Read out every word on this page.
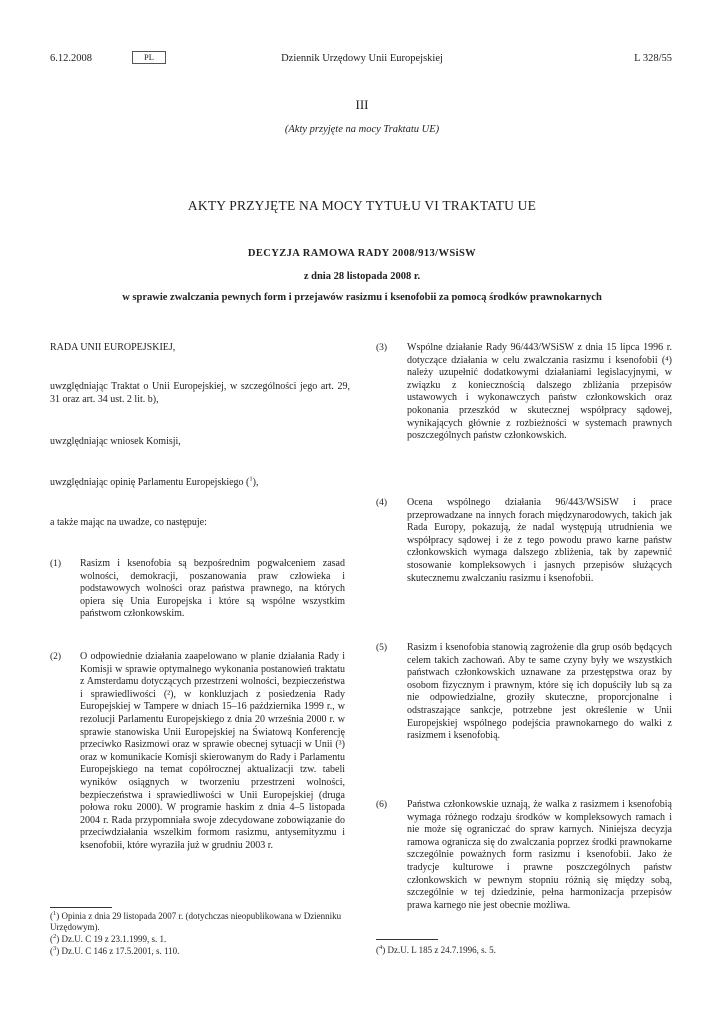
6.12.2008	PL	Dziennik Urzędowy Unii Europejskiej	L 328/55
III
(Akty przyjęte na mocy Traktatu UE)
AKTY PRZYJĘTE NA MOCY TYTUŁU VI TRAKTATU UE
DECYZJA RAMOWA RADY 2008/913/WSiSW
z dnia 28 listopada 2008 r.
w sprawie zwalczania pewnych form i przejawów rasizmu i ksenofobii za pomocą środków prawnokarnych
RADA UNII EUROPEJSKIEJ,
uwzględniając Traktat o Unii Europejskiej, w szczególności jego art. 29, 31 oraz art. 34 ust. 2 lit. b),
uwzględniając wniosek Komisji,
uwzględniając opinię Parlamentu Europejskiego ($^1$),
a także mając na uwadze, co następuje:
(1) Rasizm i ksenofobia są bezpośrednim pogwałceniem zasad wolności, demokracji, poszanowania praw człowieka i podstawowych wolności oraz państwa prawnego, na których opiera się Unia Europejska i które są wspólne wszystkim państwom członkowskim.
(2) O odpowiednie działania zaapelowano w planie działania Rady i Komisji w sprawie optymalnego wykonania postanowień traktatu z Amsterdamu dotyczących przestrzeni wolności, bezpieczeństwa i sprawiedliwości (²), w konkluzjach z posiedzenia Rady Europejskiej w Tampere w dniach 15–16 października 1999 r., w rezolucji Parlamentu Europejskiego z dnia 20 września 2000 r. w sprawie stanowiska Unii Europejskiej na Światową Konferencję przeciwko Rasizmowi oraz w sprawie obecnej sytuacji w Unii (³) oraz w komunikacie Komisji skierowanym do Rady i Parlamentu Europejskiego na temat copółrocznej aktualizacji tzw. tabeli wyników osiągnych w tworzeniu przestrzeni wolności, bezpieczeństwa i sprawiedliwości w Unii Europejskiej (druga połowa roku 2000). W programie haskim z dnia 4–5 listopada 2004 r. Rada przypomniała swoje zdecydowane zobowiązanie do przeciwdziałania wszelkim formom rasizmu, antysemityzmu i ksenofobii, które wyraziła już w grudniu 2003 r.
($^1$) Opinia z dnia 29 listopada 2007 r. (dotychczas nieopublikowana w Dzienniku Urzędowym).
($^2$) Dz.U. C 19 z 23.1.1999, s. 1.
($^3$) Dz.U. C 146 z 17.5.2001, s. 110.
(3) Wspólne działanie Rady 96/443/WSiSW z dnia 15 lipca 1996 r. dotyczące działania w celu zwalczania rasizmu i ksenofobii (⁴) należy uzupełnić dodatkowymi działaniami legislacyjnymi, w związku z koniecznością dalszego zbliżania przepisów ustawowych i wykonawczych państw członkowskich oraz pokonania przeszkód w skutecznej współpracy sądowej, wynikających głównie z rozbieżności w systemach prawnych poszczególnych państw członkowskich.
(4) Ocena wspólnego działania 96/443/WSiSW i prace przeprowadzane na innych forach międzynarodowych, takich jak Rada Europy, pokazują, że nadal występują utrudnienia we współpracy sądowej i że z tego powodu prawo karne państw członkowskich wymaga dalszego zbliżenia, tak by zapewnić stosowanie kompleksowych i jasnych przepisów służących skutecznemu zwalczaniu rasizmu i ksenofobii.
(5) Rasizm i ksenofobia stanowią zagrożenie dla grup osób będących celem takich zachowań. Aby te same czyny były we wszystkich państwach członkowskich uznawane za przestępstwa oraz by osobom fizycznym i prawnym, które się ich dopuściły lub są za nie odpowiedzialne, groziły skuteczne, proporcjonalne i odstraszające sankcje, potrzebne jest określenie w Unii Europejskiej wspólnego podejścia prawnokarnego do walki z rasizmem i ksenofobią.
(6) Państwa członkowskie uznają, że walka z rasizmem i ksenofobią wymaga różnego rodzaju środków w kompleksowych ramach i nie może się ograniczać do spraw karnych. Niniejsza decyzja ramowa ogranicza się do zwalczania poprzez środki prawnokarne szczególnie poważnych form rasizmu i ksenofobii. Jako że tradycje kulturowe i prawne poszczególnych państw członkowskich w pewnym stopniu różnią się między sobą, szczególnie w tej dziedzinie, pełna harmonizacja przepisów prawa karnego nie jest obecnie możliwa.
($^4$) Dz.U. L 185 z 24.7.1996, s. 5.
